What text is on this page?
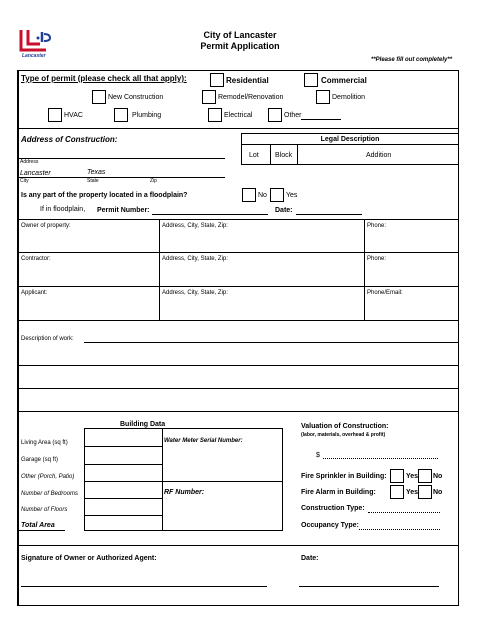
Lancaster
City of Lancaster
Permit Application
**Please fill out completely**
Type of permit (please check all that apply):	Residential	Commercial
New Construction	Remodel/Renovation	Demolition
HVAC	Plumbing	Electrical	Other
Address of Construction:
Address
Lancaster	Texas
City	State	Zip
Legal Description
Lot Block	Addition
Is any part of the property located in a floodplain?	No	Yes
If in floodplain, Permit Number:	Date:
Owner of property:	Address, City, State, Zip:	Phone:
Contractor:	Address, City, State, Zip:	Phone:
Applicant:	Address, City, State, Zip:	Phone/Email:
Description of work:
Building Data
Living Area (sq ft)
Garage (sq ft)
Other (Porch, Patio)
Number of Bedrooms
Number of Floors
Total Area
Water Meter Serial Number:
RF Number:
Valuation of Construction:
(labor, materials, overhead & profit)
$
Fire Sprinkler in Building:	Yes No
Fire Alarm in Building:	Yes No
Construction Type:
Occupancy Type:
Signature of Owner or Authorized Agent:	Date:
